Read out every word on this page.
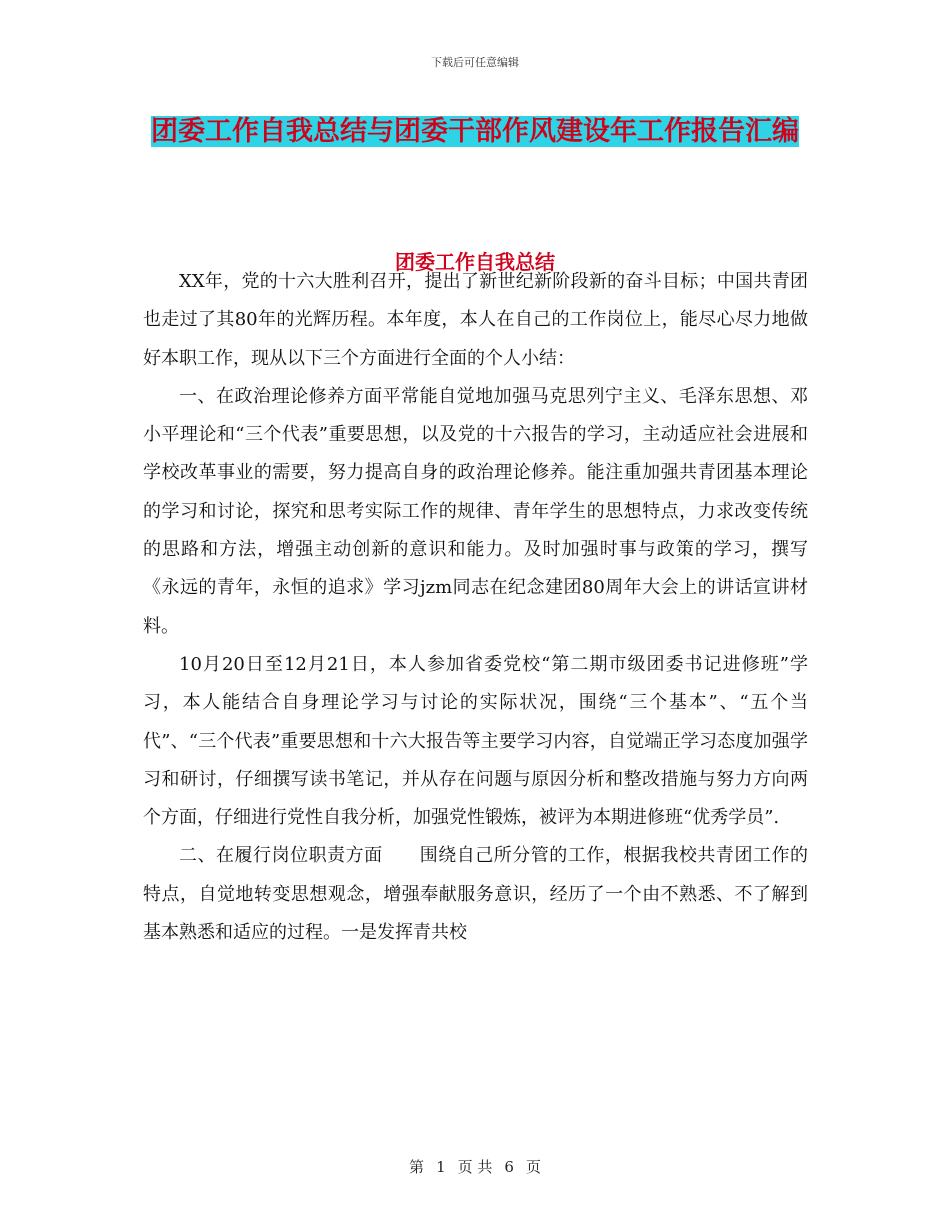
下载后可任意编辑
团委工作自我总结与团委干部作风建设年工作报告汇编
团委工作自我总结

XX年，党的十六大胜利召开，提出了新世纪新阶段新的奋斗目标；中国共青团也走过了其80年的光辉历程。本年度，本人在自己的工作岗位上，能尽心尽力地做好本职工作，现从以下三个方面进行全面的个人小结：

一、在政治理论修养方面平常能自觉地加强马克思列宁主义、毛泽东思想、邓小平理论和“三个代表”重要思想，以及党的十六报告的学习，主动适应社会进展和学校改革事业的需要，努力提高自身的政治理论修养。能注重加强共青团基本理论的学习和讨论，探究和思考实际工作的规律、青年学生的思想特点，力求改变传统的思路和方法，增强主动创新的意识和能力。及时加强时事与政策的学习，撰写《永远的青年，永恒的追求》学习jzm同志在纪念建团80周年大会上的讲话宣讲材料。

10月20日至12月21日，本人参加省委党校“第二期市级团委书记进修班”学习，本人能结合自身理论学习与讨论的实际状况，围绕“三个基本”、“五个当代”、“三个代表”重要思想和十六大报告等主要学习内容，自觉端正学习态度加强学习和研讨，仔细撰写读书笔记，并从存在问题与原因分析和整改措施与努力方向两个方面，仔细进行党性自我分析，加强党性锻炼，被评为本期进修班“优秀学员”.

二、在履行岗位职责方面　　围绕自己所分管的工作，根据我校共青团工作的特点，自觉地转变思想观念，增强奉献服务意识，经历了一个由不熟悉、不了解到基本熟悉和适应的过程。一是发挥青共校

第 1 页 共 6 页
